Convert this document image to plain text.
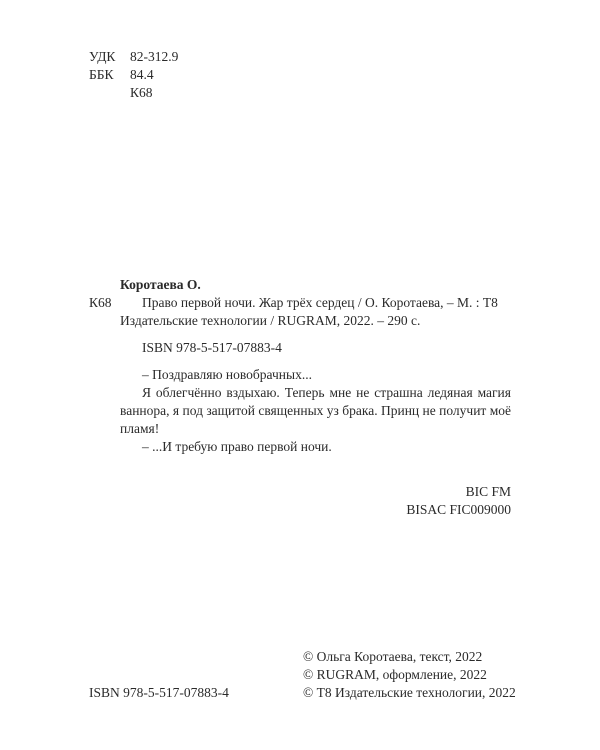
УДК 82-312.9
ББК 84.4
К68
Коротаева О.
К68 Право первой ночи. Жар трёх сердец / О. Коротаева, – М. : Т8
Издательские технологии / RUGRAM, 2022. – 290 с.
ISBN 978-5-517-07883-4
– Поздравляю новобрачных...
Я облегчённо вздыхаю. Теперь мне не страшна ледяная магия ваннора, я под защитой священных уз брака. Принц не получит моё пламя!
– ...И требую право первой ночи.
BIC FM
BISAC FIC009000
ISBN 978-5-517-07883-4
© Ольга Коротаева, текст, 2022
© RUGRAM, оформление, 2022
© Т8 Издательские технологии, 2022
